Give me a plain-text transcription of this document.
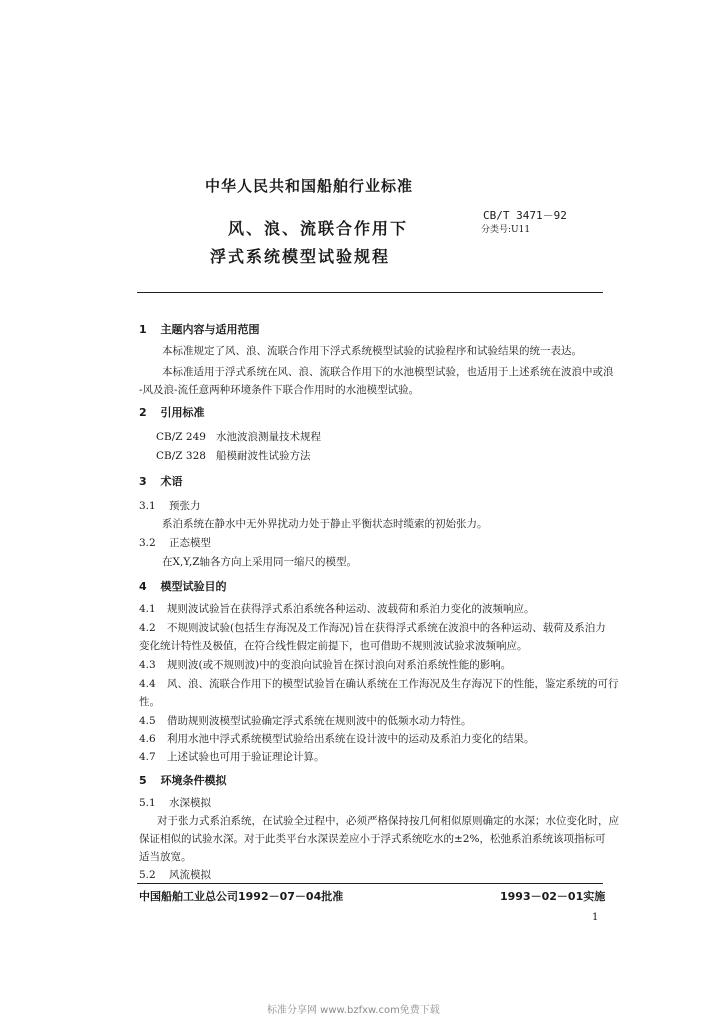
中华人民共和国船舶行业标准
风、浪、流联合作用下
浮式系统模型试验规程
CB/T 3471－92
分类号:U11
1 主题内容与适用范围
本标准规定了风、浪、流联合作用下浮式系统模型试验的试验程序和试验结果的统一表达。
本标准适用于浮式系统在风、浪、流联合作用下的水池模型试验，也适用于上述系统在波浪中或浪
-风及浪-流任意两种环境条件下联合作用时的水池模型试验。
2 引用标准
CB/Z 249   水池波浪测量技术规程
CB/Z 328   船模耐波性试验方法
3 术语
3.1 预张力
系泊系统在静水中无外界扰动力处于静止平衡状态时缆索的初始张力。
3.2 正态模型
在X,Y,Z轴各方向上采用同一缩尺的模型。
4 模型试验目的
4.1 规则波试验旨在获得浮式系泊系统各种运动、波载荷和系泊力变化的波频响应。
4.2 不规则波试验(包括生存海况及工作海况)旨在获得浮式系统在波浪中的各种运动、载荷及系泊力
变化统计特性及极值，在符合线性假定前提下，也可借助不规则波试验求波频响应。
4.3 规则波(或不规则波)中的变浪向试验旨在探讨浪向对系泊系统性能的影响。
4.4 风、浪、流联合作用下的模型试验旨在确认系统在工作海况及生存海况下的性能，鉴定系统的可行
性。
4.5 借助规则波模型试验确定浮式系统在规则波中的低频水动力特性。
4.6 利用水池中浮式系统模型试验给出系统在设计波中的运动及系泊力变化的结果。
4.7 上述试验也可用于验证理论计算。
5 环境条件模拟
5.1 水深模拟
对于张力式系泊系统，在试验全过程中，必须严格保持按几何相似原则确定的水深；水位变化时，应
保证相似的试验水深。对于此类平台水深误差应小于浮式系统吃水的±2%，松弛系泊系统该项指标可
适当放宽。
5.2 风流模拟
中国船舶工业总公司1992－07－04批准	1993－02－01实施
1
标准分享网 www.bzfxw.com免费下载
